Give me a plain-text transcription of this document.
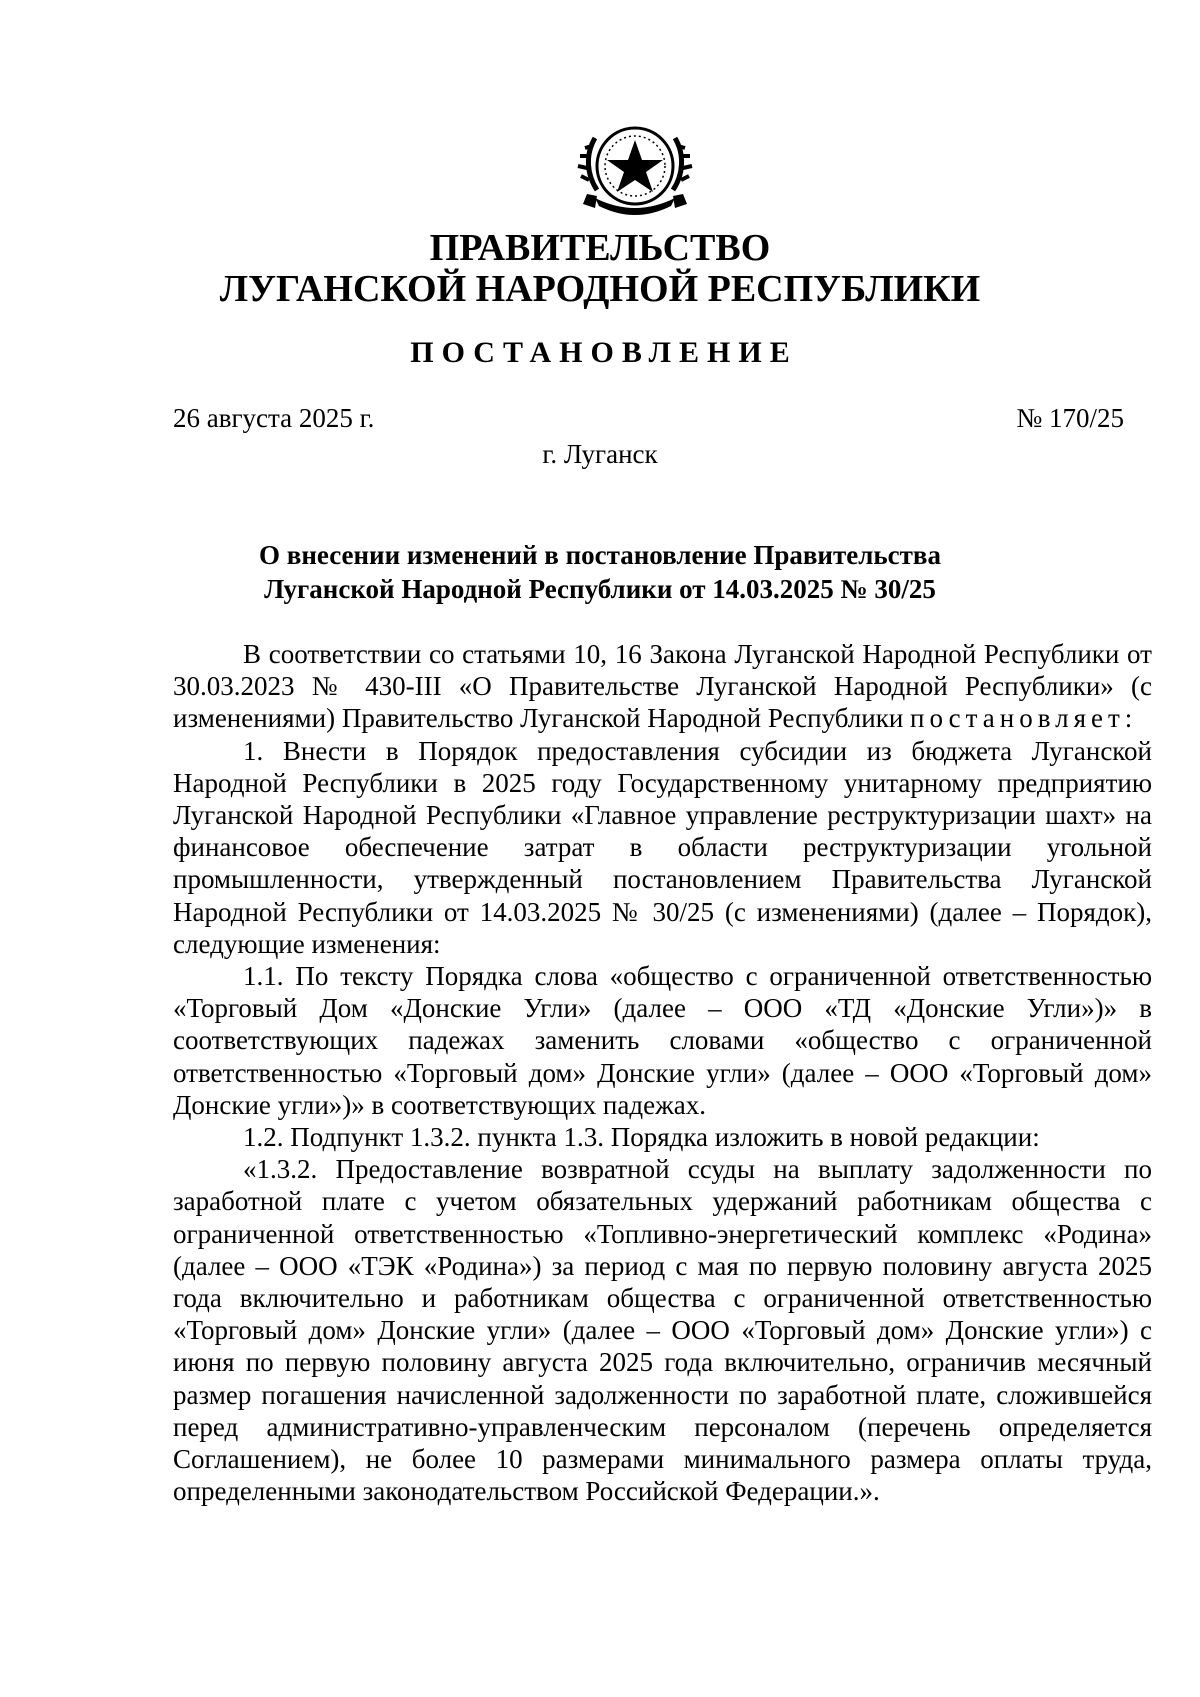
ПРАВИТЕЛЬСТВО
ЛУГАНСКОЙ НАРОДНОЙ РЕСПУБЛИКИ
ПОСТАНОВЛЕНИЕ
26 августа 2025 г.	№ 170/25
г. Луганск
О внесении изменений в постановление Правительства
Луганской Народной Республики от 14.03.2025 № 30/25

В соответствии со статьями 10, 16 Закона Луганской Народной Республики от 30.03.2023 № 430-III «О Правительстве Луганской Народной Республики» (с изменениями) Правительство Луганской Народной Республики постановляет:

1. Внести в Порядок предоставления субсидии из бюджета Луганской Народной Республики в 2025 году Государственному унитарному предприятию Луганской Народной Республики «Главное управление реструктуризации шахт» на финансовое обеспечение затрат в области реструктуризации угольной промышленности, утвержденный постановлением Правительства Луганской Народной Республики от 14.03.2025 № 30/25 (с изменениями) (далее – Порядок), следующие изменения:

1.1. По тексту Порядка слова «общество с ограниченной ответственностью «Торговый Дом «Донские Угли» (далее – ООО «ТД «Донские Угли»)» в соответствующих падежах заменить словами «общество с ограниченной ответственностью «Торговый дом» Донские угли» (далее – ООО «Торговый дом» Донские угли»)» в соответствующих падежах.

1.2. Подпункт 1.3.2. пункта 1.3. Порядка изложить в новой редакции:

«1.3.2. Предоставление возвратной ссуды на выплату задолженности по заработной плате с учетом обязательных удержаний работникам общества с ограниченной ответственностью «Топливно-энергетический комплекс «Родина» (далее – ООО «ТЭК «Родина») за период с мая по первую половину августа 2025 года включительно и работникам общества с ограниченной ответственностью «Торговый дом» Донские угли» (далее – ООО «Торговый дом» Донские угли») с июня по первую половину августа 2025 года включительно, ограничив месячный размер погашения начисленной задолженности по заработной плате, сложившейся перед административно-управленческим персоналом (перечень определяется Соглашением), не более 10 размерами минимального размера оплаты труда, определенными законодательством Российской Федерации.».
